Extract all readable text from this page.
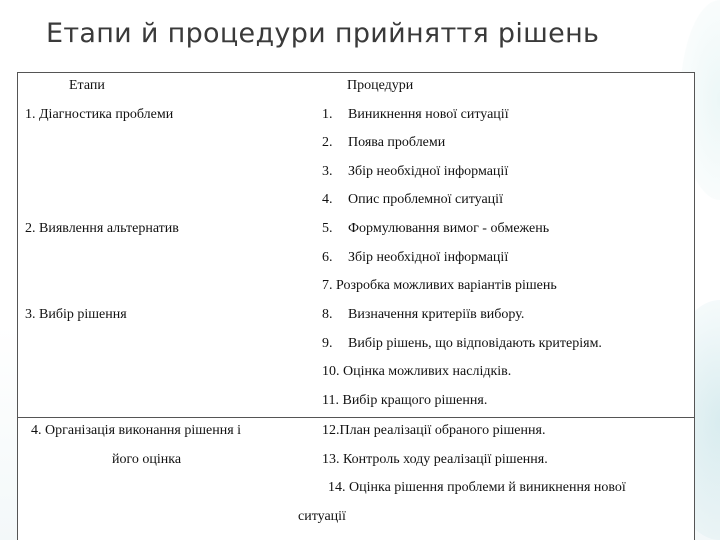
Етапи й процедури прийняття рішень
Етапи	Процедури
1. Діагностика проблеми
2. Виявлення альтернатив
3. Вибір рішення
4. Організація виконання рішення і
його оцінка
1. Виникнення нової ситуації
2. Поява проблеми
3. Збір необхідної інформації
4. Опис проблемної ситуації
5. Формулювання вимог - обмежень
6. Збір необхідної інформації
7. Розробка можливих варіантів рішень
8. Визначення критеріїв вибору.
9. Вибір рішень, що відповідають критеріям.
10. Оцінка можливих наслідків.
11. Вибір кращого рішення.
12.План реалізації обраного рішення.
13. Контроль ходу реалізації рішення.
14. Оцінка рішення проблеми й виникнення нової
ситуації
